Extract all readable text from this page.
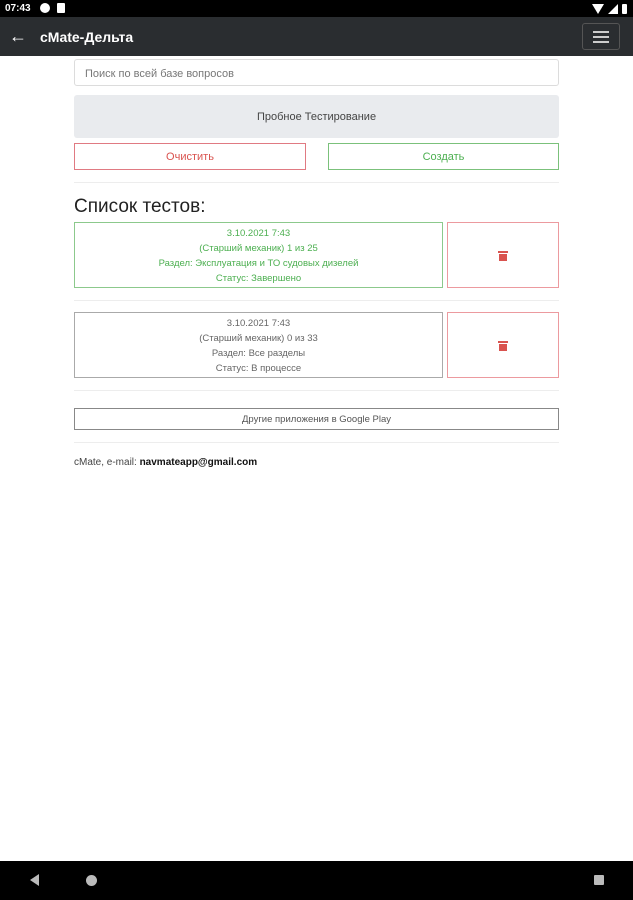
07:43
← cMate-Дельта
Поиск по всей базе вопросов
Пробное Тестирование
Очистить	Создать
Список тестов:
3.10.2021 7:43
(Старший механик) 1 из 25
Раздел: Эксплуатация и ТО судовых дизелей
Статус: Завершено
3.10.2021 7:43
(Старший механик) 0 из 33
Раздел: Все разделы
Статус: В процессе
Другие приложения в Google Play
cMate, e-mail: navmateapp@gmail.com
